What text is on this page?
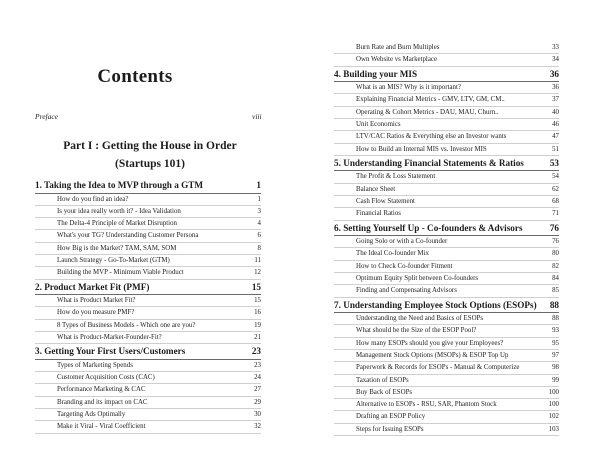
Contents
Preface	viii
Part I : Getting the House in Order
(Startups 101)
1. Taking the Idea to MVP through a GTM	1
How do you find an idea?	1
Is your idea really worth it? - Idea Validation	3
The Delta-4 Principle of Market Disruption	4
What's your TG? Understanding Customer Persona	6
How Big is the Market? TAM, SAM, SOM	8
Launch Strategy - Go-To-Market (GTM)	11
Building the MVP - Minimum Viable Product	12
2. Product Market Fit (PMF)	15
What is Product Market Fit?	15
How do you measure PMF?	16
8 Types of Business Models - Which one are you?	19
What is Product-Market-Founder-Fit?	21
3. Getting Your First Users/Customers	23
Types of Marketing Spends	23
Customer Acquisition Costs (CAC)	24
Performance Marketing & CAC	27
Branding and its impact on CAC	29
Targeting Ads Optimally	30
Make it Viral - Viral Coefficient	32
Burn Rate and Burn Multiples	33
Own Website vs Marketplace	34
4. Building your MIS	36
What is an MIS? Why is it important?	36
Explaining Financial Metrics - GMV, LTV, GM, CM..	37
Operating & Cohort Metrics - DAU, MAU, Churn..	40
Unit Economics	46
LTV/CAC Ratios & Everything else an Investor wants	47
How to Build an Internal MIS vs. Investor MIS	51
5. Understanding Financial Statements & Ratios	53
The Profit & Loss Statement	54
Balance Sheet	62
Cash Flow Statement	68
Financial Ratios	71
6. Setting Yourself Up - Co-founders & Advisors	76
Going Solo or with a Co-founder	76
The Ideal Co-founder Mix	80
How to Check Co-founder Fitment	82
Optimum Equity Split between Co-founders	84
Finding and Compensating Advisors	85
7. Understanding Employee Stock Options (ESOPs) 88
Understanding the Need and Basics of ESOPs	88
What should be the Size of the ESOP Pool?	93
How many ESOPs should you give your Employees?	95
Management Stock Options (MSOPs) & ESOP Top Up	97
Paperwork & Records for ESOPs - Manual & Computerize	98
Taxation of ESOPs	99
Buy Back of ESOPs	100
Alternative to ESOPs - RSU, SAR, Phantom Stock	100
Drafting an ESOP Policy	102
Steps for Issuing ESOPs	103
